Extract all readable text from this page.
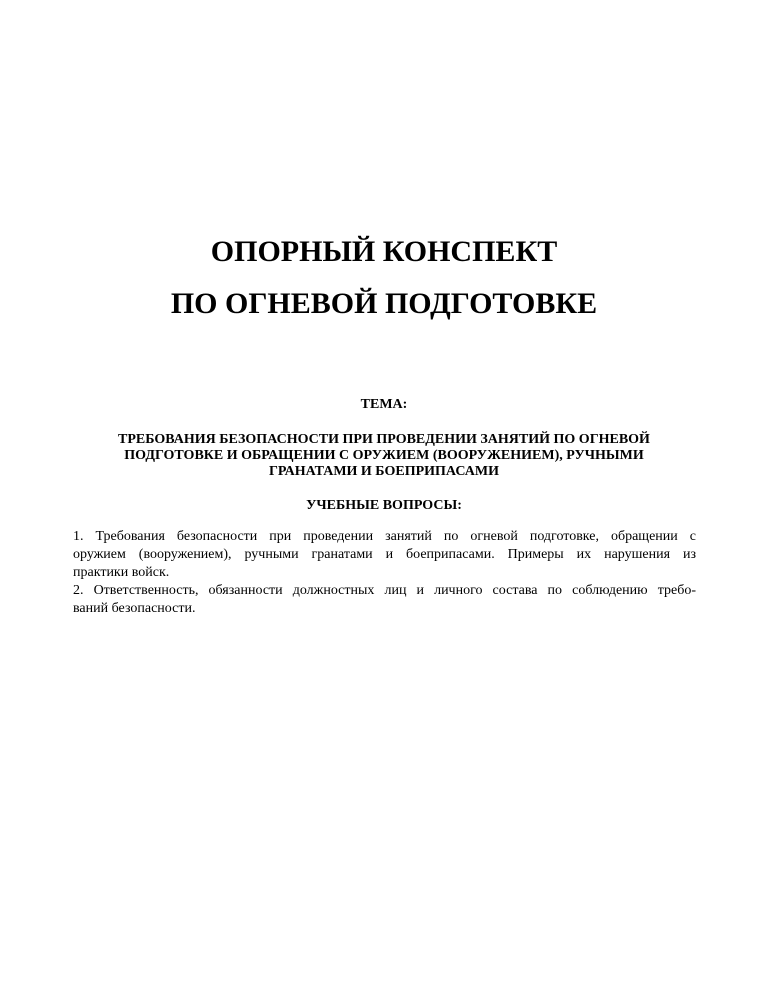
ОПОРНЫЙ КОНСПЕКТ
ПО ОГНЕВОЙ ПОДГОТОВКЕ
ТЕМА:
ТРЕБОВАНИЯ БЕЗОПАСНОСТИ ПРИ ПРОВЕДЕНИИ ЗАНЯТИЙ ПО ОГНЕВОЙ
ПОДГОТОВКЕ И ОБРАЩЕНИИ С ОРУЖИЕМ (ВООРУЖЕНИЕМ), РУЧНЫМИ
ГРАНАТАМИ И БОЕПРИПАСАМИ
УЧЕБНЫЕ ВОПРОСЫ:
1. Требования безопасности при проведении занятий по огневой подготовке, обращении с
оружием (вооружением), ручными гранатами и боеприпасами. Примеры их нарушения из
практики войск.
2. Ответственность, обязанности должностных лиц и личного состава по соблюдению требо-
ваний безопасности.
